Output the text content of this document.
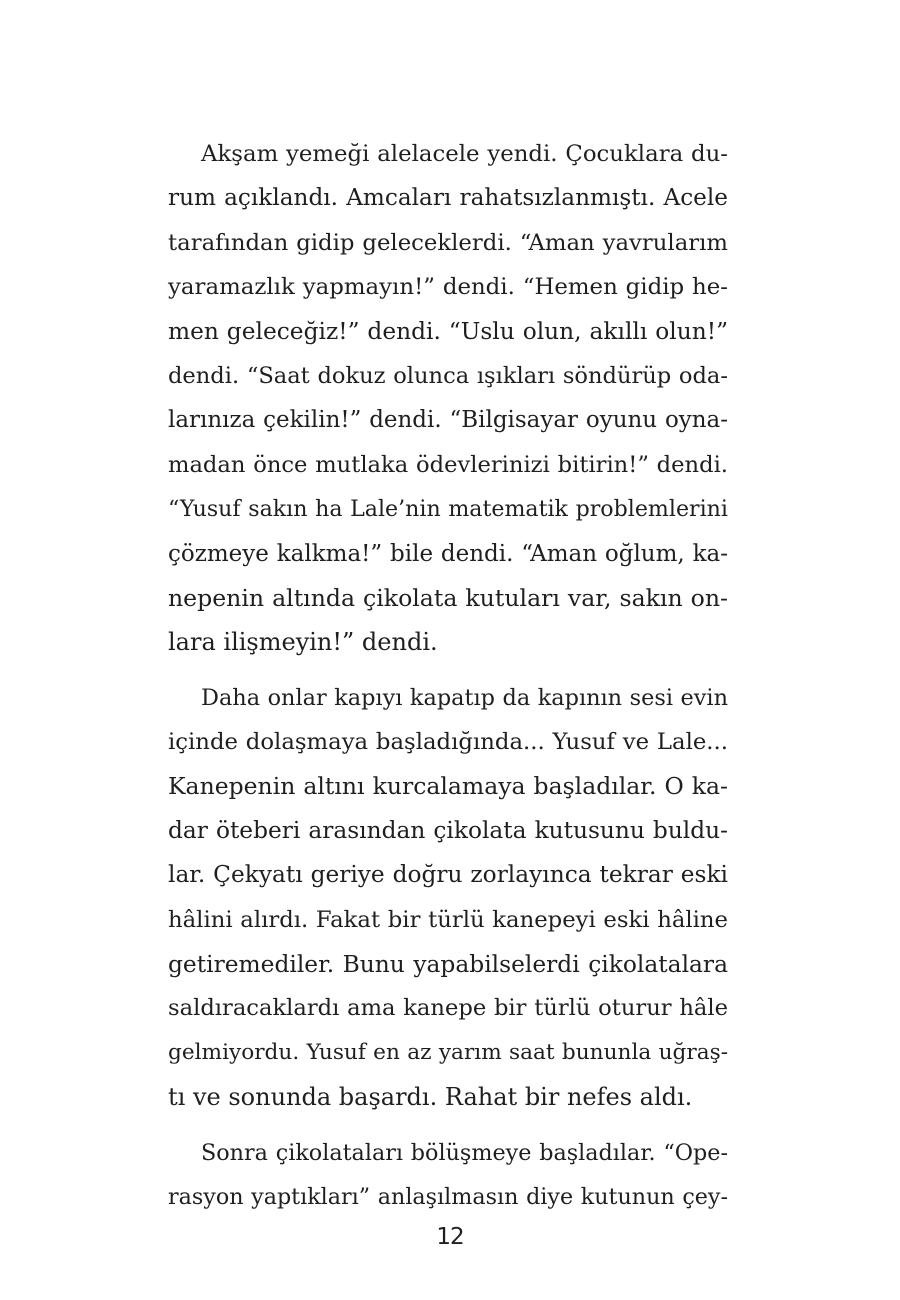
Akşam yemeği alelacele yendi. Çocuklara du-
rum açıklandı. Amcaları rahatsızlanmıştı. Acele
tarafından gidip geleceklerdi. “Aman yavrularım
yaramazlık yapmayın!” dendi. “Hemen gidip he-
men geleceğiz!” dendi. “Uslu olun, akıllı olun!”
dendi. “Saat dokuz olunca ışıkları söndürüp oda-
larınıza çekilin!” dendi. “Bilgisayar oyunu oyna-
madan önce mutlaka ödevlerinizi bitirin!” dendi.
“Yusuf sakın ha Lale’nin matematik problemlerini
çözmeye kalkma!” bile dendi. “Aman oğlum, ka-
nepenin altında çikolata kutuları var, sakın on-
lara ilişmeyin!” dendi.
Daha onlar kapıyı kapatıp da kapının sesi evin
içinde dolaşmaya başladığında... Yusuf ve Lale...
Kanepenin altını kurcalamaya başladılar. O ka-
dar öteberi arasından çikolata kutusunu buldu-
lar. Çekyatı geriye doğru zorlayınca tekrar eski
hâlini alırdı. Fakat bir türlü kanepeyi eski hâline
getiremediler. Bunu yapabilselerdi çikolatalara
saldıracaklardı ama kanepe bir türlü oturur hâle
gelmiyordu. Yusuf en az yarım saat bununla uğraş-
tı ve sonunda başardı. Rahat bir nefes aldı.
Sonra çikolataları bölüşmeye başladılar. “Ope-
rasyon yaptıkları” anlaşılmasın diye kutunun çey-
12
